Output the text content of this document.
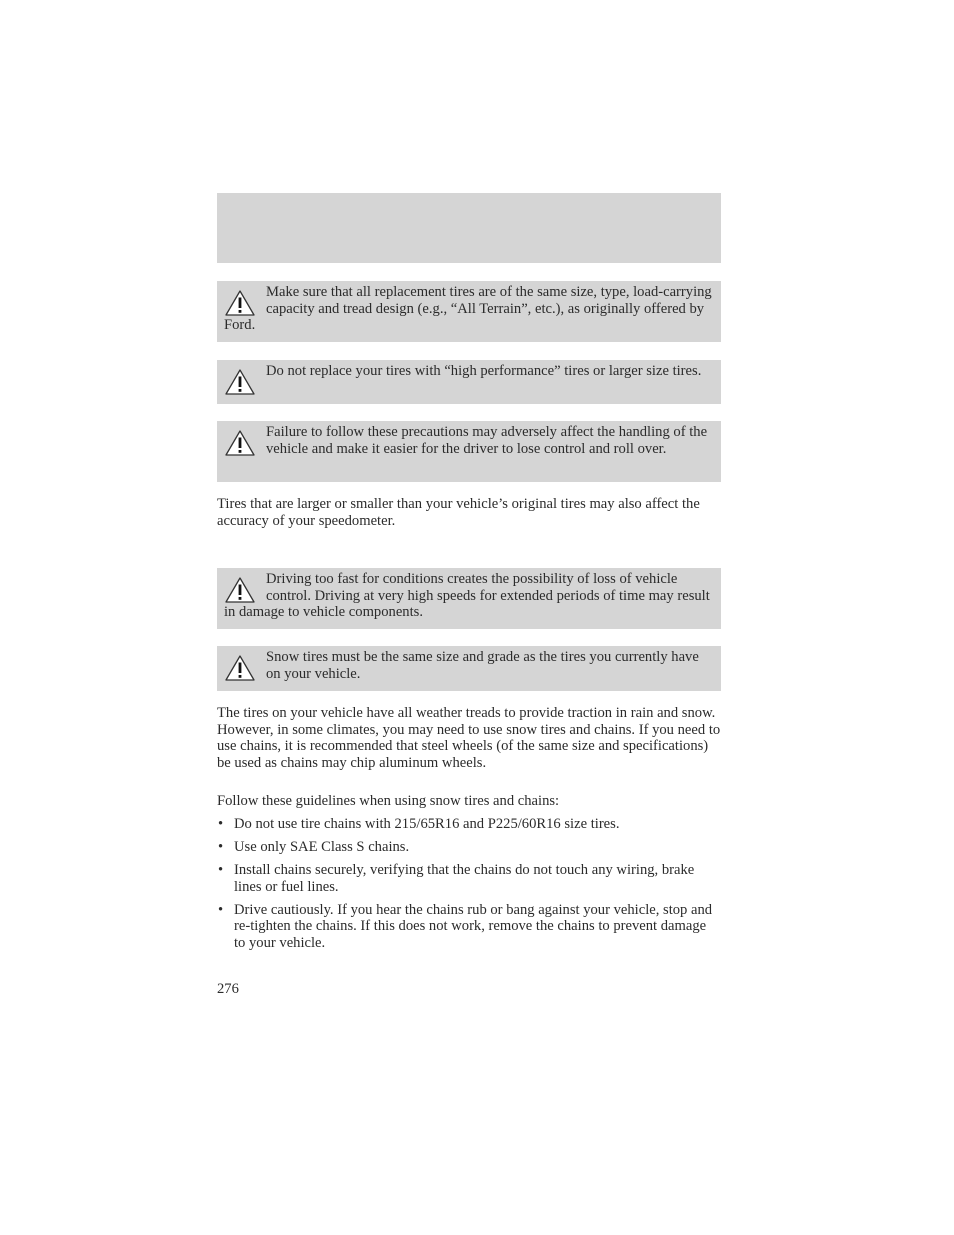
Make sure that all replacement tires are of the same size, type, load-carrying capacity and tread design (e.g., “All Terrain”, etc.), as originally offered by Ford.

Do not replace your tires with “high performance” tires or larger size tires.

Failure to follow these precautions may adversely affect the handling of the vehicle and make it easier for the driver to lose control and roll over.

Tires that are larger or smaller than your vehicle’s original tires may also affect the accuracy of your speedometer.

Driving too fast for conditions creates the possibility of loss of vehicle control. Driving at very high speeds for extended periods of time may result in damage to vehicle components.

Snow tires must be the same size and grade as the tires you currently have on your vehicle.

The tires on your vehicle have all weather treads to provide traction in rain and snow. However, in some climates, you may need to use snow tires and chains. If you need to use chains, it is recommended that steel wheels (of the same size and specifications) be used as chains may chip aluminum wheels.

Follow these guidelines when using snow tires and chains:

• Do not use tire chains with 215/65R16 and P225/60R16 size tires.
• Use only SAE Class S chains.
• Install chains securely, verifying that the chains do not touch any wiring, brake lines or fuel lines.
• Drive cautiously. If you hear the chains rub or bang against your vehicle, stop and re-tighten the chains. If this does not work, remove the chains to prevent damage to your vehicle.
276
